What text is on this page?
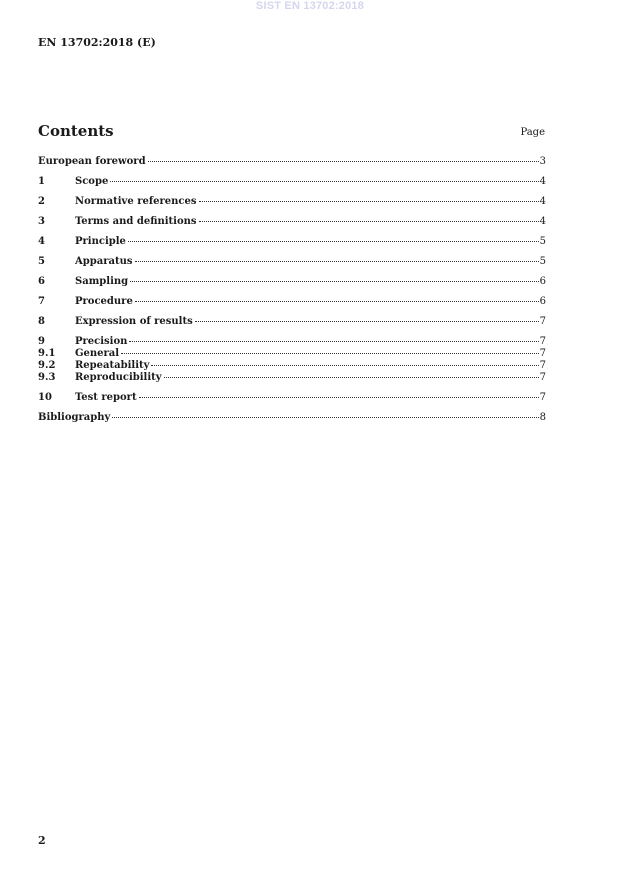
SIST EN 13702:2018
EN 13702:2018 (E)
Contents	Page
European foreword	3
1	Scope	4
2	Normative references	4
3	Terms and definitions	4
4	Principle	5
5	Apparatus	5
6	Sampling	6
7	Procedure	6
8	Expression of results	7
9	Precision	7
9.1	General	7
9.2	Repeatability	7
9.3	Reproducibility	7
10	Test report	7
Bibliography	8
2
